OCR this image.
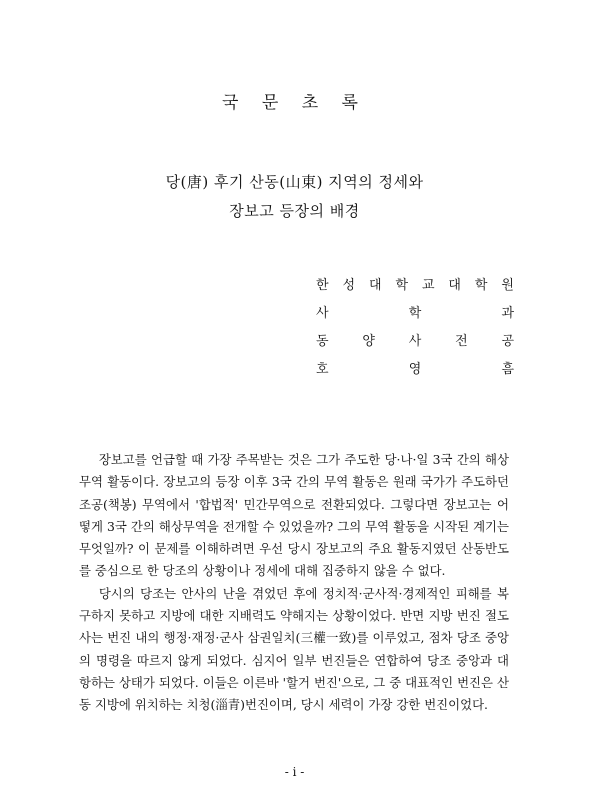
국 문 초 록
당(唐) 후기 산동(山東) 지역의 정세와
장보고 등장의 배경
한 성 대 학 교 대 학 원
사	학	과
동	양	사	전	공
호	영	흠

장보고를 언급할 때 가장 주목받는 것은 그가 주도한 당·나·일 3국 간의 해상무역 활동이다. 장보고의 등장 이후 3국 간의 무역 활동은 원래 국가가 주도하던 조공(책봉) 무역에서 '합법적' 민간무역으로 전환되었다. 그렇다면 장보고는 어떻게 3국 간의 해상무역을 전개할 수 있었을까? 그의 무역 활동을 시작된 계기는 무엇일까? 이 문제를 이해하려면 우선 당시 장보고의 주요 활동지였던 산동반도를 중심으로 한 당조의 상황이나 정세에 대해 집중하지 않을 수 없다.

당시의 당조는 안사의 난을 겪었던 후에 정치적·군사적·경제적인 피해를 복구하지 못하고 지방에 대한 지배력도 약해지는 상황이었다. 반면 지방 번진 절도사는 번진 내의 행정·재정·군사 삼권일치(三權一致)를 이루었고, 점차 당조 중앙의 명령을 따르지 않게 되었다. 심지어 일부 번진들은 연합하여 당조 중앙과 대항하는 상태가 되었다. 이들은 이른바 '할거 번진'으로, 그 중 대표적인 번진은 산동 지방에 위치하는 치청(淄青)번진이며, 당시 세력이 가장 강한 번진이었다.

- i -
